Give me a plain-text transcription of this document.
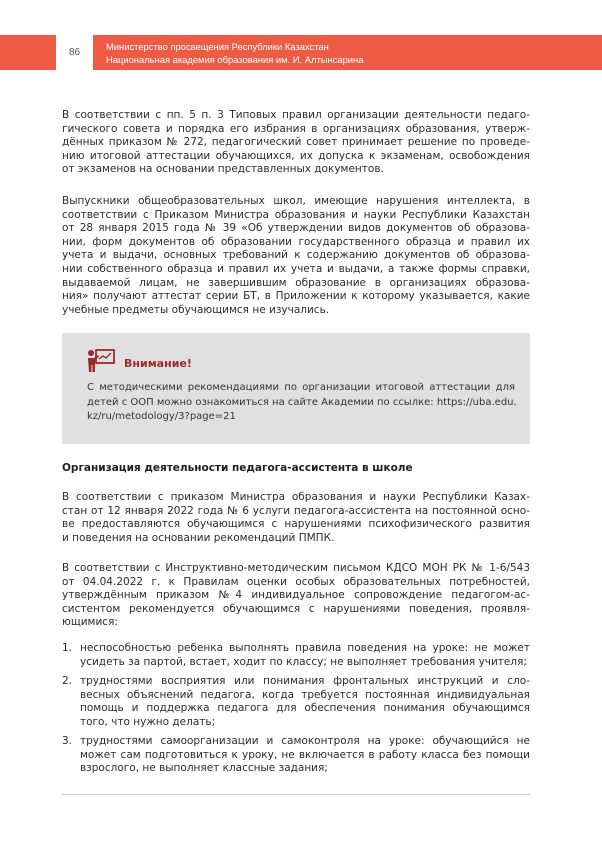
86
Министерство просвещения Республики Казахстан
Национальная академия образования им. И. Алтынсарина
В соответствии с пп. 5 п. 3 Типовых правил организации деятельности педаго-
гического совета и порядка его избрания в организациях образования, утверж-
дённых приказом № 272, педагогический совет принимает решение по проведе-
нию итоговой аттестации обучающихся, их допуска к экзаменам, освобождения
от экзаменов на основании представленных документов.
Выпускники общеобразовательных школ, имеющие нарушения интеллекта, в
соответствии с Приказом Министра образования и науки Республики Казахстан
от 28 января 2015 года № 39 «Об утверждении видов документов об образова-
нии, форм документов об образовании государственного образца и правил их
учета и выдачи, основных требований к содержанию документов об образова-
нии собственного образца и правил их учета и выдачи, а также формы справки,
выдаваемой лицам, не завершившим образование в организациях образова-
ния» получают аттестат серии БТ, в Приложении к которому указывается, какие
учебные предметы обучающимся не изучались.
Внимание!
С методическими рекомендациями по организации итоговой аттестации для
детей с ООП можно ознакомиться на сайте Академии по ссылке: https://uba.edu.
kz/ru/metodology/3?page=21
Организация деятельности педагога-ассистента в школе
В соответствии с приказом Министра образования и науки Республики Казах-
стан от 12 января 2022 года № 6 услуги педагога-ассистента на постоянной осно-
ве предоставляются обучающимся с нарушениями психофизического развития
и поведения на основании рекомендаций ПМПК.
В соответствии с Инструктивно-методическим письмом КДСО МОН РК № 1-6/543
от 04.04.2022 г. к Правилам оценки особых образовательных потребностей,
утверждённым приказом №4 индивидуальное сопровождение педагогом-ас-
систентом рекомендуется обучающимся с нарушениями поведения, проявля-
ющимися:
1. неспособностью ребенка выполнять правила поведения на уроке: не может
усидеть за партой, встает, ходит по классу; не выполняет требования учителя;
2. трудностями восприятия или понимания фронтальных инструкций и сло-
весных объяснений педагога, когда требуется постоянная индивидуальная
помощь и поддержка педагога для обеспечения понимания обучающимся
того, что нужно делать;
3. трудностями самоорганизации и самоконтроля на уроке: обучающийся не
может сам подготовиться к уроку, не включается в работу класса без помощи
взрослого, не выполняет классные задания;
